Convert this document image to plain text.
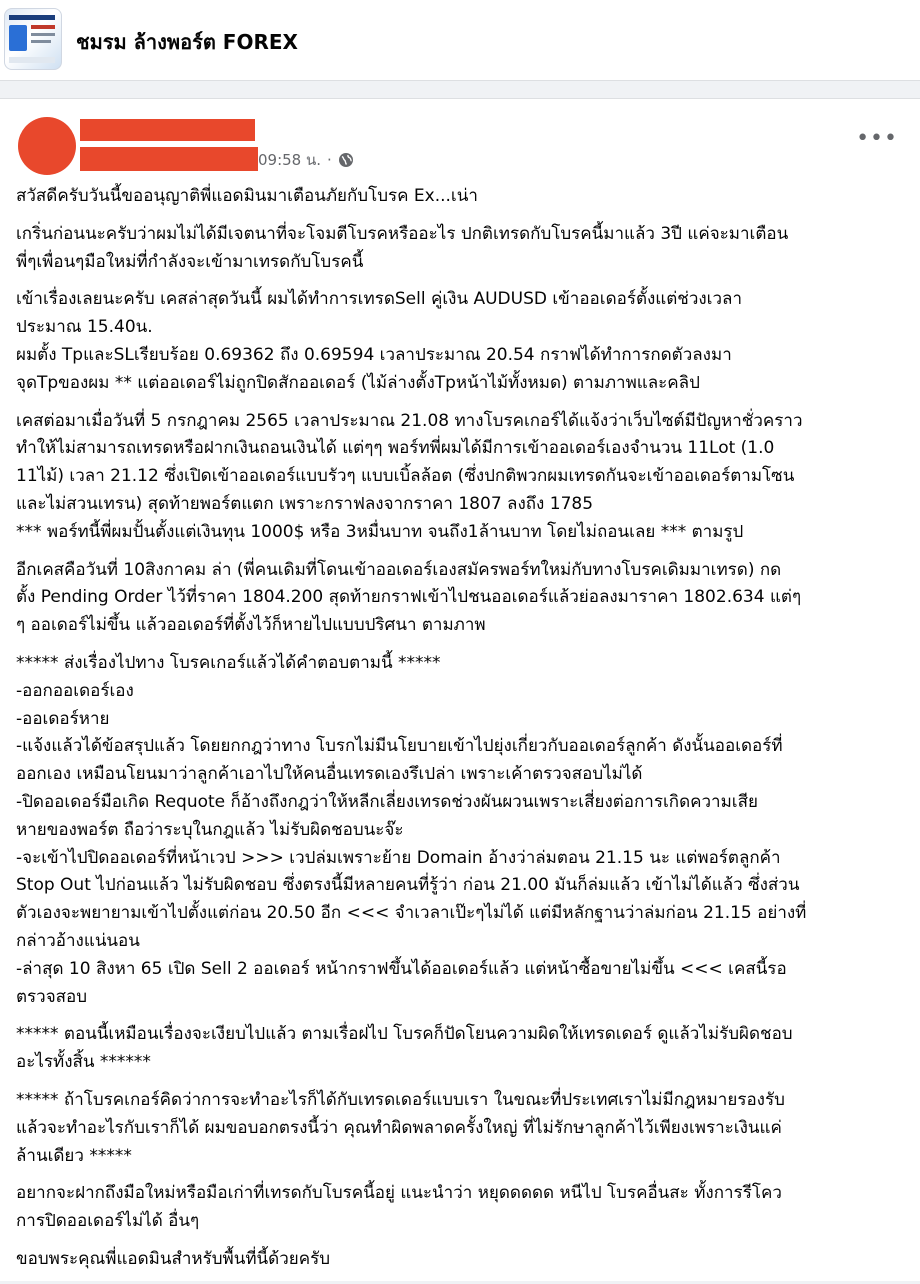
ชมรม ล้างพอร์ต FOREX
09:58 น. ·
•••

สวัสดีครับวันนี้ขออนุญาติพี่แอดมินมาเตือนภัยกับโบรค Ex...เน่า

เกริ่นก่อนนะครับว่าผมไม่ได้มีเจตนาที่จะโจมตีโบรคหรืออะไร ปกติเทรดกับโบรคนี้มาแล้ว 3ปี แค่จะมาเตือน
พี่ๆเพื่อนๆมือใหม่ที่กำลังจะเข้ามาเทรดกับโบรคนี้

เข้าเรื่องเลยนะครับ เคสล่าสุดวันนี้ ผมได้ทำการเทรดSell คู่เงิน AUDUSD เข้าออเดอร์ตั้งแต่ช่วงเวลา
ประมาณ 15.40น.
ผมตั้ง TpและSLเรียบร้อย 0.69362 ถึง 0.69594 เวลาประมาณ 20.54 กราฟได้ทำการกดตัวลงมา
จุดTpของผม ** แต่ออเดอร์ไม่ถูกปิดสักออเดอร์ (ไม้ล่างตั้งTpหน้าไม้ทั้งหมด) ตามภาพและคลิป

เคสต่อมาเมื่อวันที่ 5 กรกฎาคม 2565 เวลาประมาณ 21.08 ทางโบรคเกอร์ได้แจ้งว่าเว็บไซต์มีปัญหาชั่วคราว
ทำให้ไม่สามารถเทรดหรือฝากเงินถอนเงินได้ แต่ๆๆ พอร์ทพี่ผมได้มีการเข้าออเดอร์เองจำนวน 11Lot (1.0
11ไม้) เวลา 21.12 ซึ่งเปิดเข้าออเดอร์แบบรัวๆ แบบเบิ้ลล้อต (ซึ่งปกติพวกผมเทรดกันจะเข้าออเดอร์ตามโซน
และไม่สวนเทรน) สุดท้ายพอร์ตแตก เพราะกราฟลงจากราคา 1807 ลงถึง 1785
*** พอร์ทนี้พี่ผมปั้นตั้งแต่เงินทุน 1000$ หรือ 3หมื่นบาท จนถึง1ล้านบาท โดยไม่ถอนเลย *** ตามรูป

อีกเคสคือวันที่ 10สิงกาคม ล่า (พี่คนเดิมที่โดนเข้าออเดอร์เองสมัครพอร์ทใหม่กับทางโบรคเดิมมาเทรด) กด
ตั้ง Pending Order ไว้ที่ราคา 1804.200 สุดท้ายกราฟเข้าไปชนออเดอร์แล้วย่อลงมาราคา 1802.634 แต่ๆ
ๆ ออเดอร์ไม่ขึ้น แล้วออเดอร์ที่ตั้งไว้ก็หายไปแบบปริศนา ตามภาพ

***** ส่งเรื่องไปทาง โบรคเกอร์แล้วได้คำตอบตามนี้ *****
-ออกออเดอร์เอง
-ออเดอร์หาย
-แจ้งแล้วได้ข้อสรุปแล้ว โดยยกกฎว่าทาง โบรกไม่มีนโยบายเข้าไปยุ่งเกี่ยวกับออเดอร์ลูกค้า ดังนั้นออเดอร์ที่
ออกเอง เหมือนโยนมาว่าลูกค้าเอาไปให้คนอื่นเทรดเองรึเปล่า เพราะเค้าตรวจสอบไม่ได้
-ปิดออเดอร์มือเกิด Requote ก็อ้างถึงกฎว่าให้หลีกเลี่ยงเทรดช่วงผันผวนเพราะเสี่ยงต่อการเกิดความเสีย
หายของพอร์ต ถือว่าระบุในกฎแล้ว ไม่รับผิดชอบนะจ๊ะ
-จะเข้าไปปิดออเดอร์ที่หน้าเวป >>> เวปล่มเพราะย้าย Domain อ้างว่าล่มตอน 21.15 นะ แต่พอร์ตลูกค้า
Stop Out ไปก่อนแล้ว ไม่รับผิดชอบ ซึ่งตรงนี้มีหลายคนที่รู้ว่า ก่อน 21.00 มันก็ล่มแล้ว เข้าไม่ได้แล้ว ซึ่งส่วน
ตัวเองจะพยายามเข้าไปตั้งแต่ก่อน 20.50 อีก <<< จำเวลาเป๊ะๆไม่ได้ แต่มีหลักฐานว่าล่มก่อน 21.15 อย่างที่
กล่าวอ้างแน่นอน
-ล่าสุด 10 สิงหา 65 เปิด Sell 2 ออเดอร์ หน้ากราฟขึ้นได้ออเดอร์แล้ว แต่หน้าซื้อขายไม่ขึ้น <<< เคสนี้รอ
ตรวจสอบ

***** ตอนนี้เหมือนเรื่องจะเงียบไปแล้ว ตามเรื่อฝไป โบรคก็ปัดโยนความผิดให้เทรดเดอร์ ดูแล้วไม่รับผิดชอบ
อะไรทั้งสิ้น ******

***** ถ้าโบรคเกอร์คิดว่าการจะทำอะไรก็ได้กับเทรดเดอร์แบบเรา ในขณะที่ประเทศเราไม่มีกฎหมายรองรับ
แล้วจะทำอะไรกับเราก็ได้ ผมขอบอกตรงนี้ว่า คุณทำผิดพลาดครั้งใหญ่ ที่ไม่รักษาลูกค้าไว้เพียงเพราะเงินแค่
ล้านเดียว *****

อยากจะฝากถึงมือใหม่หรือมือเก่าที่เทรดกับโบรคนี้อยู่ แนะนำว่า หยุดดดดด หนีไป โบรคอื่นสะ ทั้งการรีโคว
การปิดออเดอร์ไม่ได้ อื่นๆ

ขอบพระคุณพี่แอดมินสำหรับพื้นที่นี้ด้วยครับ
